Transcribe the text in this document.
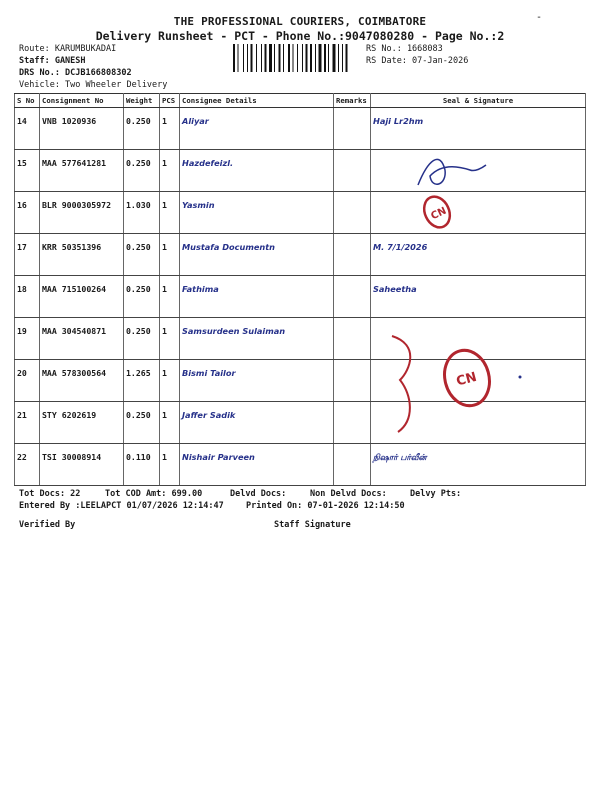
THE PROFESSIONAL COURIERS, COIMBATORE
Delivery Runsheet - PCT - Phone No.:9047080280 - Page No.:2
-
Route: KARUMBUKADAI
Staff: GANESH
DRS No.: DCJB166808302
Vehicle: Two Wheeler Delivery
RS No.: 1668083
RS Date: 07-Jan-2026
S No	Consignment No	Weight	PCS	Consignee Details	Remarks	Seal & Signature
14	VNB 1020936	0.250	1	Aliyar		Haji Lr2hm
15	MAA 577641281	0.250	1	Hazdefeizl.		
16	BLR 9000305972	1.030	1	Yasmin		
17	KRR 50351396	0.250	1	Mustafa Documentn		M. 7/1/2026
18	MAA 715100264	0.250	1	Fathima		Saheetha
19	MAA 304540871	0.250	1	Samsurdeen Sulaiman		
20	MAA 578300564	1.265	1	Bismi Tailor		
21	STY 6202619	0.250	1	Jaffer Sadik		
22	TSI 30008914	0.110	1	Nishair Parveen		நிஷார் பர்வீன்
CN
CN
Tot Docs: 22	Tot COD Amt: 699.00	Delvd Docs:	Non Delvd Docs:	Delvy Pts:
Entered By :LEELAPCT 01/07/2026 12:14:47	Printed On: 07-01-2026 12:14:50
Verified By	Staff Signature
